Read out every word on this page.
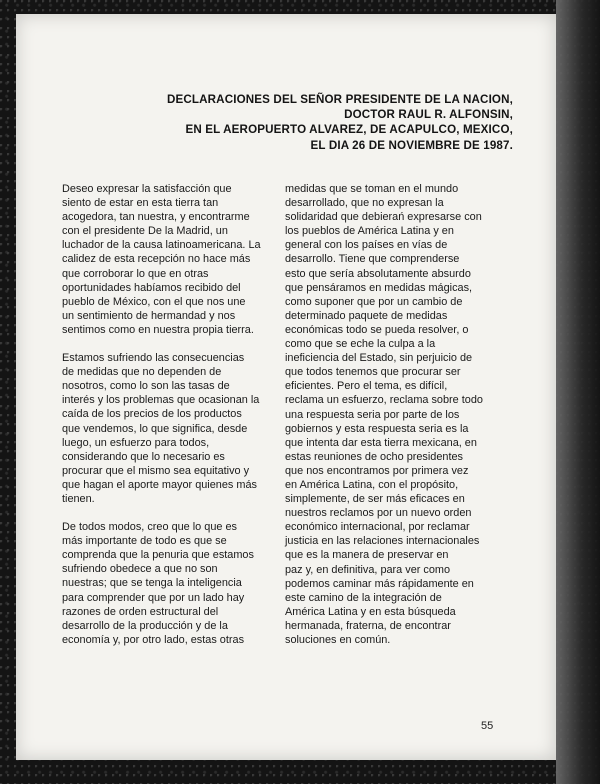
DECLARACIONES DEL SEÑOR PRESIDENTE DE LA NACION,
DOCTOR RAUL R. ALFONSIN,
EN EL AEROPUERTO ALVAREZ, DE ACAPULCO, MEXICO,
EL DIA 26 DE NOVIEMBRE DE 1987.
Deseo expresar la satisfacción que
siento de estar en esta tierra tan
acogedora, tan nuestra, y encontrarme
con el presidente De la Madrid, un
luchador de la causa latinoamericana. La
calidez de esta recepción no hace más
que corroborar lo que en otras
oportunidades habíamos recibido del
pueblo de México, con el que nos une
un sentimiento de hermandad y nos
sentimos como en nuestra propia tierra.
Estamos sufriendo las consecuencias
de medidas que no dependen de
nosotros, como lo son las tasas de
interés y los problemas que ocasionan la
caída de los precios de los productos
que vendemos, lo que significa, desde
luego, un esfuerzo para todos,
considerando que lo necesario es
procurar que el mismo sea equitativo y
que hagan el aporte mayor quienes más
tienen.
De todos modos, creo que lo que es
más importante de todo es que se
comprenda que la penuria que estamos
sufriendo obedece a que no son
nuestras; que se tenga la inteligencia
para comprender que por un lado hay
razones de orden estructural del
desarrollo de la producción y de la
economía y, por otro lado, estas otras
medidas que se toman en el mundo
desarrollado, que no expresan la
solidaridad que debierań expresarse con
los pueblos de América Latina y en
general con los países en vías de
desarrollo. Tiene que comprenderse
esto que sería absolutamente absurdo
que pensáramos en medidas mágicas,
como suponer que por un cambio de
determinado paquete de medidas
económicas todo se pueda resolver, o
como que se eche la culpa a la
ineficiencia del Estado, sin perjuicio de
que todos tenemos que procurar ser
eficientes. Pero el tema, es difícil,
reclama un esfuerzo, reclama sobre todo
una respuesta seria por parte de los
gobiernos y esta respuesta seria es la
que intenta dar esta tierra mexicana, en
estas reuniones de ocho presidentes
que nos encontramos por primera vez
en América Latina, con el propósito,
simplemente, de ser más eficaces en
nuestros reclamos por un nuevo orden
económico internacional, por reclamar
justicia en las relaciones internacionales
que es la manera de preservar en
paz y, en definitiva, para ver como
podemos caminar más rápidamente en
este camino de la integración de
América Latina y en esta búsqueda
hermanada, fraterna, de encontrar
soluciones en común.
55
